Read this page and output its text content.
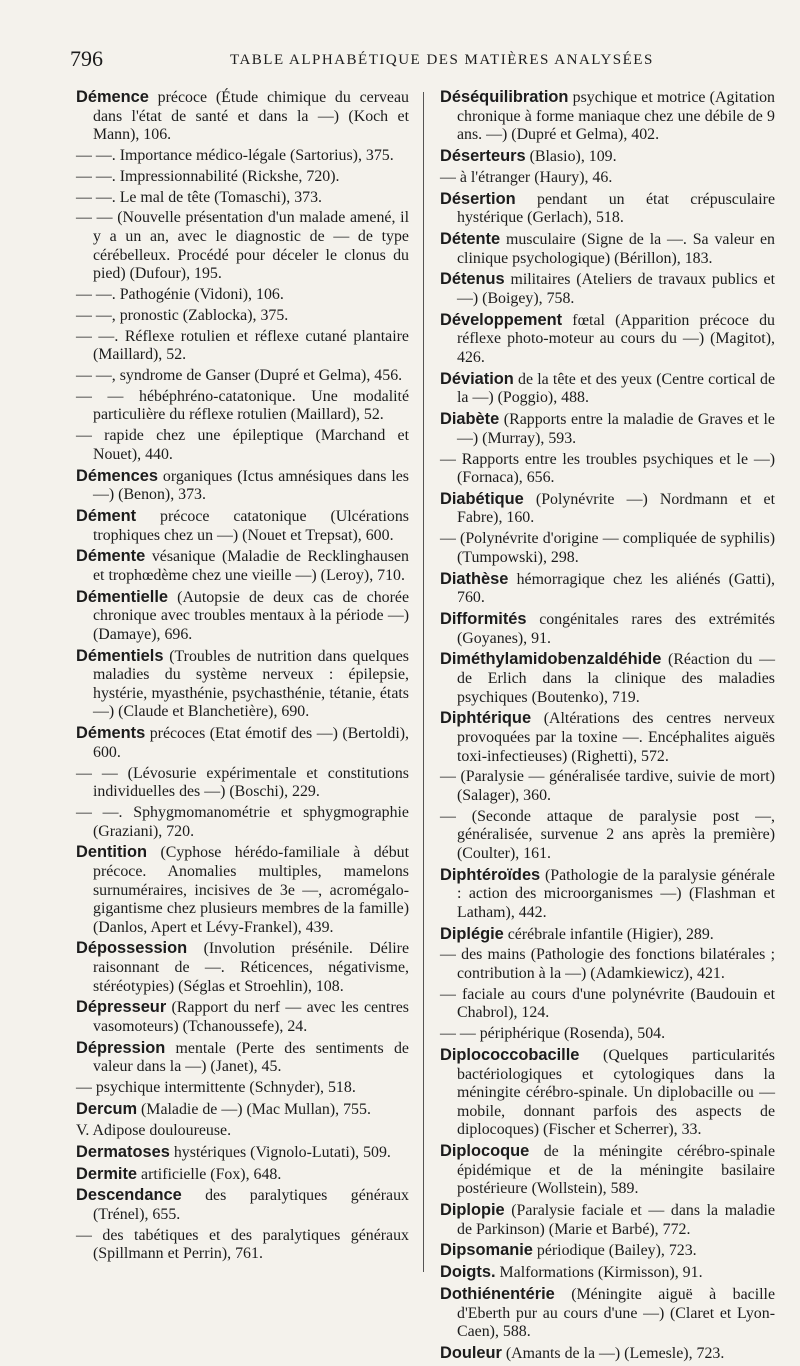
796	TABLE ALPHABÉTIQUE DES MATIÈRES ANALYSÉES

Démence précoce (Étude chimique du cerveau dans l'état de santé et dans la —) (Koch et Mann), 106.

— —. Importance médico-légale (Sartorius), 375.

— —. Impressionnabilité (Rickshe, 720).

— —. Le mal de tête (Tomaschi), 373.

— — (Nouvelle présentation d'un malade amené, il y a un an, avec le diagnostic de — de type cérébelleux. Procédé pour déceler le clonus du pied) (Dufour), 195.

— —. Pathogénie (Vidoni), 106.

— —, pronostic (Zablocka), 375.

— —. Réflexe rotulien et réflexe cutané plantaire (Maillard), 52.

— —, syndrome de Ganser (Dupré et Gelma), 456.

— — hébéphréno-catatonique. Une modalité particulière du réflexe rotulien (Maillard), 52.

— rapide chez une épileptique (Marchand et Nouet), 440.

Démences organiques (Ictus amnésiques dans les —) (Benon), 373.

Dément précoce catatonique (Ulcérations trophiques chez un —) (Nouet et Trepsat), 600.

Démente vésanique (Maladie de Recklinghausen et trophœdème chez une vieille —) (Leroy), 710.

Démentielle (Autopsie de deux cas de chorée chronique avec troubles mentaux à la période —) (Damaye), 696.

Démentiels (Troubles de nutrition dans quelques maladies du système nerveux : épilepsie, hystérie, myasthénie, psychasthénie, tétanie, états —) (Claude et Blanchetière), 690.

Déments précoces (Etat émotif des —) (Bertoldi), 600.

— — (Lévosurie expérimentale et constitutions individuelles des —) (Boschi), 229.

— —. Sphygmomanométrie et sphygmographie (Graziani), 720.

Dentition (Cyphose hérédo-familiale à début précoce. Anomalies multiples, mamelons surnuméraires, incisives de 3e —, acromégalo-gigantisme chez plusieurs membres de la famille) (Danlos, Apert et Lévy-Frankel), 439.

Dépossession (Involution présénile. Délire raisonnant de —. Réticences, négativisme, stéréotypies) (Séglas et Stroehlin), 108.

Dépresseur (Rapport du nerf — avec les centres vasomoteurs) (Tchanoussefe), 24.

Dépression mentale (Perte des sentiments de valeur dans la —) (Janet), 45.

— psychique intermittente (Schnyder), 518.

Dercum (Maladie de —) (Mac Mullan), 755.

V. Adipose douloureuse.

Dermatoses hystériques (Vignolo-Lutati), 509.

Dermite artificielle (Fox), 648.

Descendance des paralytiques généraux (Trénel), 655.

— des tabétiques et des paralytiques généraux (Spillmann et Perrin), 761.

Déséquilibration psychique et motrice (Agitation chronique à forme maniaque chez une débile de 9 ans. —) (Dupré et Gelma), 402.

Déserteurs (Blasio), 109.

— à l'étranger (Haury), 46.

Désertion pendant un état crépusculaire hystérique (Gerlach), 518.

Détente musculaire (Signe de la —. Sa valeur en clinique psychologique) (Bérillon), 183.

Détenus militaires (Ateliers de travaux publics et —) (Boigey), 758.

Développement fœtal (Apparition précoce du réflexe photo-moteur au cours du —) (Magitot), 426.

Déviation de la tête et des yeux (Centre cortical de la —) (Poggio), 488.

Diabète (Rapports entre la maladie de Graves et le —) (Murray), 593.

— Rapports entre les troubles psychiques et le —) (Fornaca), 656.

Diabétique (Polynévrite —) Nordmann et et Fabre), 160.

— (Polynévrite d'origine — compliquée de syphilis) (Tumpowski), 298.

Diathèse hémorragique chez les aliénés (Gatti), 760.

Difformités congénitales rares des extrémités (Goyanes), 91.

Diméthylamidobenzaldéhide (Réaction du — de Erlich dans la clinique des maladies psychiques (Boutenko), 719.

Diphtérique (Altérations des centres nerveux provoquées par la toxine —. Encéphalites aiguës toxi-infectieuses) (Righetti), 572.

— (Paralysie — généralisée tardive, suivie de mort) (Salager), 360.

— (Seconde attaque de paralysie post —, généralisée, survenue 2 ans après la première) (Coulter), 161.

Diphtéroïdes (Pathologie de la paralysie générale : action des microorganismes —) (Flashman et Latham), 442.

Diplégie cérébrale infantile (Higier), 289.

— des mains (Pathologie des fonctions bilatérales ; contribution à la —) (Adamkiewicz), 421.

— faciale au cours d'une polynévrite (Baudouin et Chabrol), 124.

— — périphérique (Rosenda), 504.

Diplococcobacille (Quelques particularités bactériologiques et cytologiques dans la méningite cérébro-spinale. Un diplobacille ou — mobile, donnant parfois des aspects de diplocoques) (Fischer et Scherrer), 33.

Diplocoque de la méningite cérébro-spinale épidémique et de la méningite basilaire postérieure (Wollstein), 589.

Diplopie (Paralysie faciale et — dans la maladie de Parkinson) (Marie et Barbé), 772.

Dipsomanie périodique (Bailey), 723.

Doigts. Malformations (Kirmisson), 91.

Dothiénentérie (Méningite aiguë à bacille d'Eberth pur au cours d'une —) (Claret et Lyon-Caen), 588.

Douleur (Amants de la —) (Lemesle), 723.
